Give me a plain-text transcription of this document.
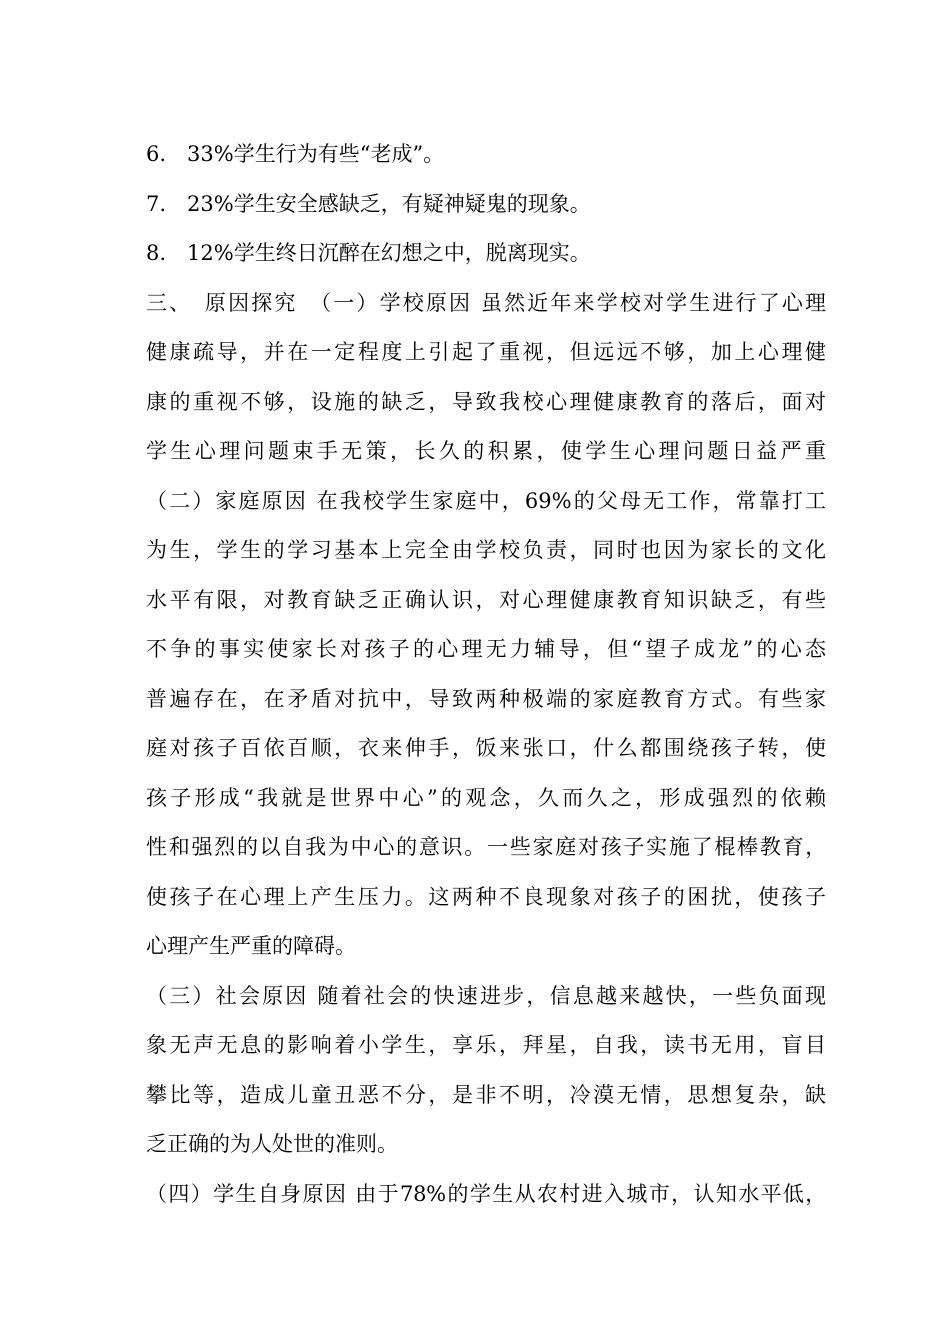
6.　33%学生行为有些“老成”。
7.　23%学生安全感缺乏，有疑神疑鬼的现象。
8.　12%学生终日沉醉在幻想之中，脱离现实。
三、　原因探究　（一）学校原因 虽然近年来学校对学生进行了心理
健康疏导，并在一定程度上引起了重视，但远远不够，加上心理健
康的重视不够，设施的缺乏，导致我校心理健康教育的落后，面对
学生心理问题束手无策，长久的积累，使学生心理问题日益严重
（二）家庭原因 在我校学生家庭中，69%的父母无工作，常靠打工
为生，学生的学习基本上完全由学校负责，同时也因为家长的文化
水平有限，对教育缺乏正确认识，对心理健康教育知识缺乏，有些
不争的事实使家长对孩子的心理无力辅导，但“望子成龙”的心态
普遍存在，在矛盾对抗中，导致两种极端的家庭教育方式。有些家
庭对孩子百依百顺，衣来伸手，饭来张口，什么都围绕孩子转，使
孩子形成“我就是世界中心”的观念，久而久之，形成强烈的依赖
性和强烈的以自我为中心的意识。一些家庭对孩子实施了棍棒教育，
使孩子在心理上产生压力。这两种不良现象对孩子的困扰，使孩子
心理产生严重的障碍。
（三）社会原因 随着社会的快速进步，信息越来越快，一些负面现
象无声无息的影响着小学生，享乐，拜星，自我，读书无用，盲目
攀比等，造成儿童丑恶不分，是非不明，冷漠无情，思想复杂，缺
乏正确的为人处世的准则。
（四）学生自身原因 由于78%的学生从农村进入城市，认知水平低，
